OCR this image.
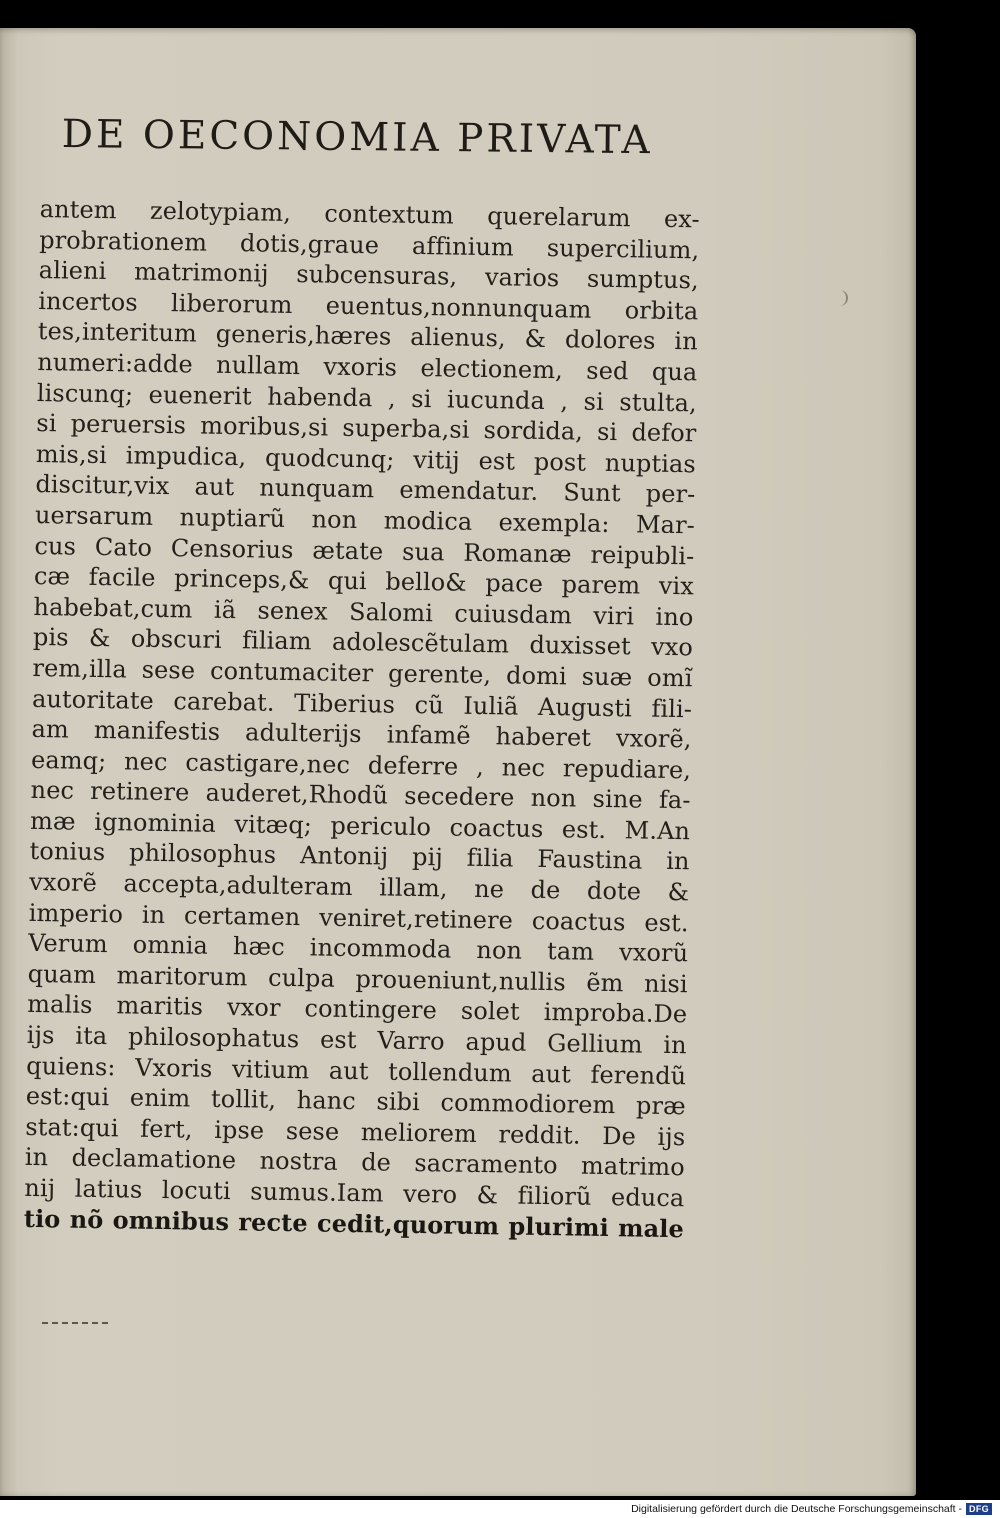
DE OECONOMIA PRIVATA
antem zelotypiam, contextum querelarum ex-
probrationem dotis,graue affinium supercilium,
alieni matrimonij subcensuras, varios sumptus,
incertos liberorum euentus,nonnunquam orbita
tes,interitum generis,hæres alienus, & dolores in
numeri:adde nullam vxoris electionem, sed qua
liscunq; euenerit habenda , si iucunda , si stulta,
si peruersis moribus,si superba,si sordida, si defor
mis,si impudica, quodcunq; vitij est post nuptias
discitur,vix aut nunquam emendatur. Sunt per-
uersarum nuptiarũ non modica exempla: Mar-
cus Cato Censorius ætate sua Romanæ reipubli-
cæ facile princeps,& qui bello& pace parem vix
habebat,cum iã senex Salomi cuiusdam viri ino
pis & obscuri filiam adolescẽtulam duxisset vxo
rem,illa sese contumaciter gerente, domi suæ omĩ
autoritate carebat. Tiberius cũ Iuliã Augusti fili-
am manifestis adulterijs infamẽ haberet vxorẽ,
eamq; nec castigare,nec deferre , nec repudiare,
nec retinere auderet,Rhodũ secedere non sine fa-
mæ ignominia vitæq; periculo coactus est. M.An
tonius philosophus Antonij pij filia Faustina in
vxorẽ accepta,adulteram illam, ne de dote &
imperio in certamen veniret,retinere coactus est.
Verum omnia hæc incommoda non tam vxorũ
quam maritorum culpa proueniunt,nullis ẽm nisi
malis maritis vxor contingere solet improba.De
ijs ita philosophatus est Varro apud Gellium in
quiens: Vxoris vitium aut tollendum aut ferendũ
est:qui enim tollit, hanc sibi commodiorem præ
stat:qui fert, ipse sese meliorem reddit. De ijs
in declamatione nostra de sacramento matrimo
nij latius locuti sumus.Iam vero & filiorũ educa
tio nõ omnibus recte cedit,quorum plurimi male
Digitalisierung gefördert durch die Deutsche Forschungsgemeinschaft - DFG
